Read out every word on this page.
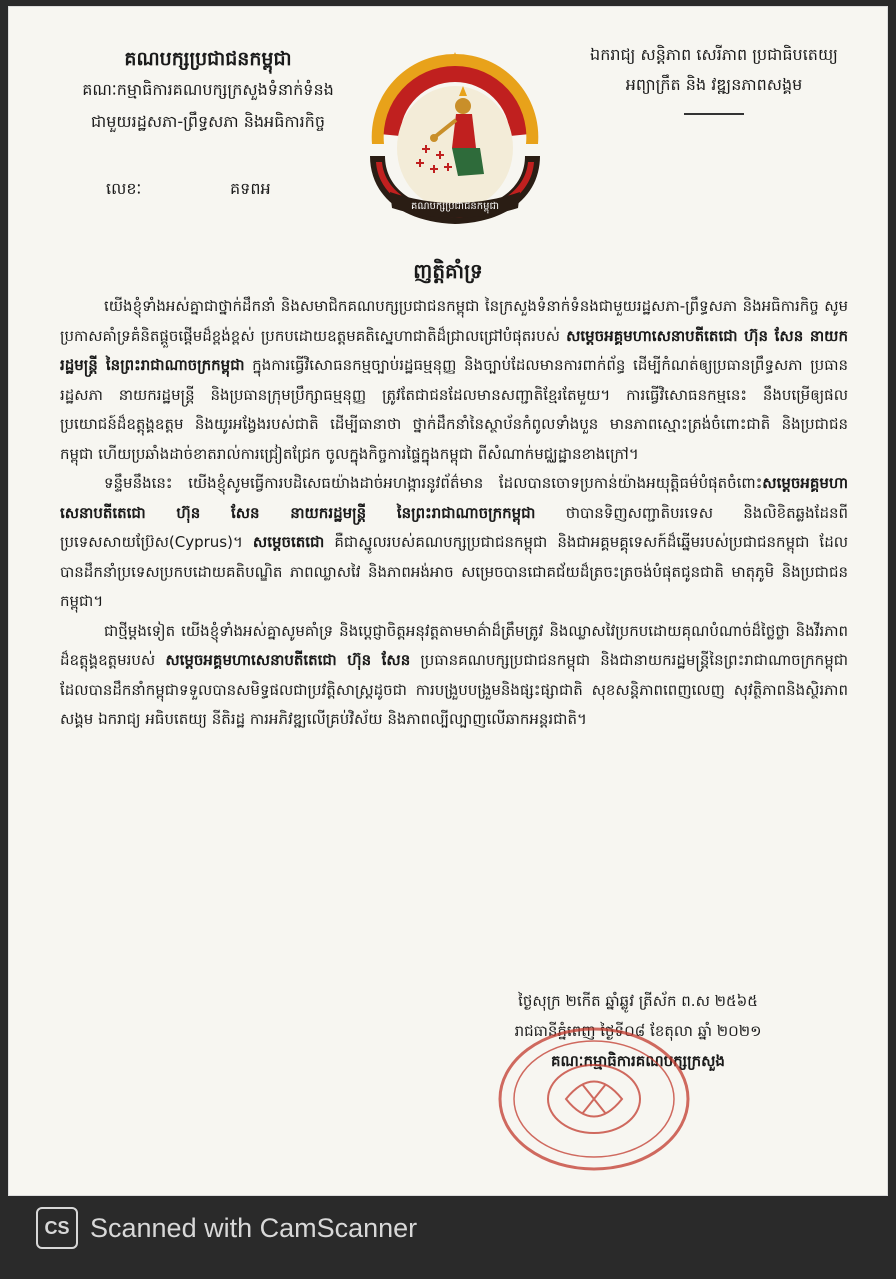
គណបក្សប្រជាជនកម្ពុជា
គណៈកម្មាធិការគណបក្សក្រសួងទំនាក់ទំនង
ជាមួយរដ្ឋសភា-ព្រឹទ្ធសភា និងអធិការកិច្ច
លេខៈ	គទពអ
គណបក្សប្រជាជនកម្ពុជា
ឯករាជ្យ សន្តិភាព សេរីភាព ប្រជាធិបតេយ្យ
អព្យាក្រឹត និង វឌ្ឍនភាពសង្គម
ញត្តិគាំទ្រ

យើងខ្ញុំទាំងអស់គ្នាជាថ្នាក់ដឹកនាំ និងសមាជិកគណបក្សប្រជាជនកម្ពុជា នៃក្រសួងទំនាក់ទំនងជាមួយរដ្ឋសភា-ព្រឹទ្ធសភា និងអធិការកិច្ច សូមប្រកាសគាំទ្រគំនិតផ្តួចផ្តើមដ៏ខ្ពង់ខ្ពស់ ប្រកបដោយឧត្តមគតិស្នេហាជាតិដ៏ជ្រាលជ្រៅបំផុតរបស់ សម្តេចអគ្គមហាសេនាបតីតេជោ ហ៊ុន សែន នាយករដ្ឋមន្ត្រី នៃព្រះរាជាណាចក្រកម្ពុជា ក្នុងការធ្វើវិសោធនកម្មច្បាប់រដ្ឋធម្មនុញ្ញ និងច្បាប់ដែលមានការពាក់ព័ន្ធ ដើម្បីកំណត់ឲ្យប្រធានព្រឹទ្ធសភា ប្រធានរដ្ឋសភា នាយករដ្ឋមន្ត្រី និងប្រធានក្រុមប្រឹក្សាធម្មនុញ្ញ ត្រូវតែជាជនដែលមានសញ្ជាតិខ្មែរតែមួយ។ ការធ្វើវិសោធនកម្មនេះ នឹងបម្រើឲ្យផលប្រយោជន៍ដ៏ឧត្តុង្គឧត្តម និងយូរអង្វែងរបស់ជាតិ ដើម្បីធានាថា ថ្នាក់ដឹកនាំនៃស្ថាប័នកំពូលទាំងបួន មានភាពស្មោះត្រង់ចំពោះជាតិ និងប្រជាជនកម្ពុជា ហើយប្រឆាំងដាច់ខាតរាល់ការជ្រៀតជ្រែក ចូលក្នុងកិច្ចការផ្ទៃក្នុងកម្ពុជា ពីសំណាក់មជ្ឈដ្ឋានខាងក្រៅ។

ទន្ទឹមនឹងនេះ យើងខ្ញុំសូមធ្វើការបដិសេធយ៉ាងដាច់អហង្ការនូវព័ត៌មាន ដែលបានចោទប្រកាន់យ៉ាងអយុត្តិធម៌បំផុតចំពោះសម្តេចអគ្គមហាសេនាបតីតេជោ ហ៊ុន សែន នាយករដ្ឋមន្ត្រី នៃព្រះរាជាណាចក្រកម្ពុជា ថាបានទិញសញ្ជាតិបរទេស និងលិខិតឆ្លងដែនពីប្រទេសសាយប្រ៊ែស(Cyprus)។ សម្តេចតេជោ គឺជាស្នូលរបស់គណបក្សប្រជាជនកម្ពុជា និងជាអគ្គមគ្គុទេសក៍ដ៏ឆ្នើមរបស់ប្រជាជនកម្ពុជា ដែលបានដឹកនាំប្រទេសប្រកបដោយគតិបណ្ឌិត ភាពឈ្លាសវៃ និងភាពអង់អាច សម្រេចបានជោគជ័យដ៏ត្រចះត្រចង់បំផុតជូនជាតិ មាតុភូមិ និងប្រជាជនកម្ពុជា។

ជាថ្មីម្តងទៀត យើងខ្ញុំទាំងអស់គ្នាសូមគាំទ្រ និងប្តេជ្ញាចិត្តអនុវត្តតាមមាគ៌ាដ៏ត្រឹមត្រូវ និងឈ្លាសវៃប្រកបដោយគុណបំណាច់ដ៏ថ្លៃថ្លា និងវីរភាពដ៏ឧត្តុង្គឧត្តមរបស់ សម្តេចអគ្គមហាសេនាបតីតេជោ ហ៊ុន សែន ប្រធានគណបក្សប្រជាជនកម្ពុជា និងជានាយករដ្ឋមន្ត្រីនៃព្រះរាជាណាចក្រកម្ពុជា ដែលបានដឹកនាំកម្ពុជាទទួលបានសមិទ្ធផលជាប្រវត្តិសាស្ត្រដូចជា ការបង្រួបបង្រួមនិងផ្សះផ្សាជាតិ សុខសន្តិភាពពេញលេញ សុវត្ថិភាពនិងស្ថិរភាពសង្គម ឯករាជ្យ អធិបតេយ្យ នីតិរដ្ឋ ការអភិវឌ្ឍលើគ្រប់វិស័យ និងភាពល្បីល្បាញលើឆាកអន្តរជាតិ។

ថ្ងៃសុក្រ ២កើត ឆ្នាំឆ្លូវ ត្រីស័ក ព.ស ២៥៦៥
រាជធានីភ្នំពេញ ថ្ងៃទី០៨ ខែតុលា ឆ្នាំ ២០២១
គណៈកម្មាធិការគណបក្សក្រសួង
CS Scanned with CamScanner
